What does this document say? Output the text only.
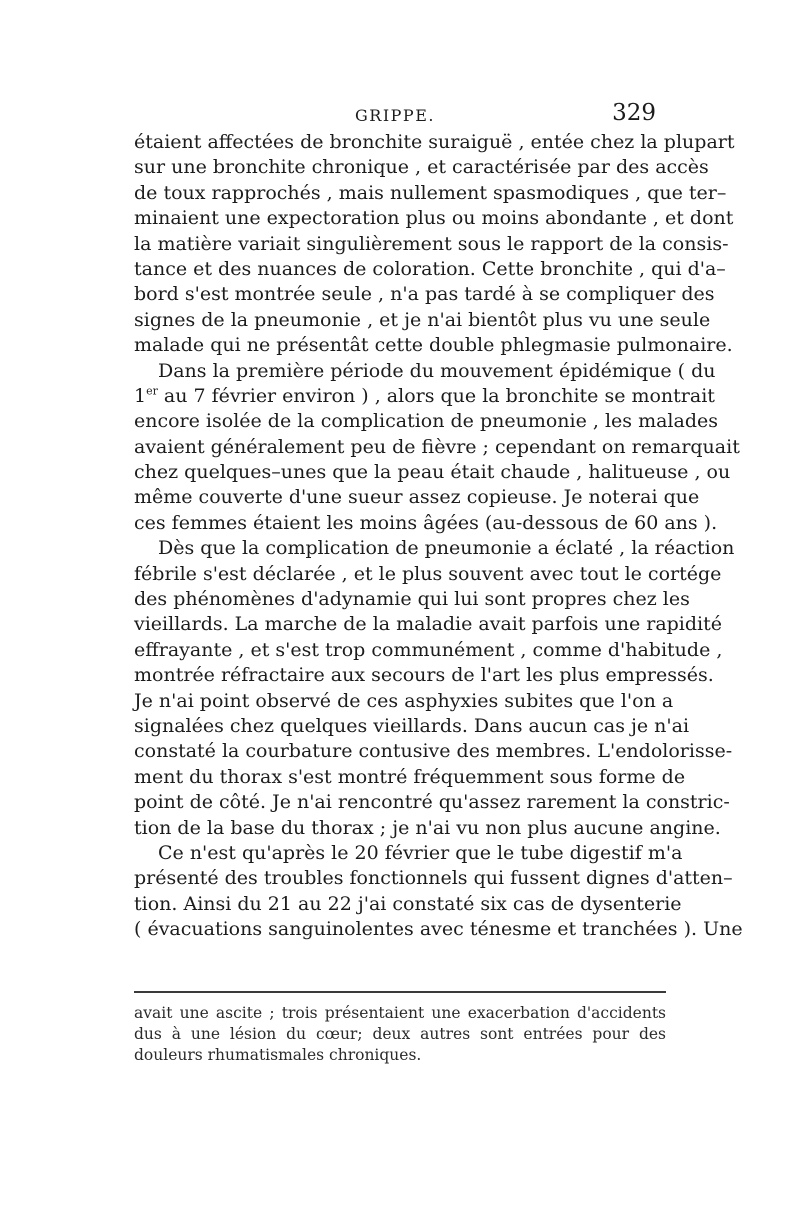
GRIPPE.	329
étaient affectées de bronchite suraiguë , entée chez la plupart
sur une bronchite chronique , et caractérisée par des accès
de toux rapprochés , mais nullement spasmodiques , que ter–
minaient une expectoration plus ou moins abondante , et dont
la matière variait singulièrement sous le rapport de la consis-
tance et des nuances de coloration. Cette bronchite , qui d'a–
bord s'est montrée seule , n'a pas tardé à se compliquer des
signes de la pneumonie , et je n'ai bientôt plus vu une seule
malade qui ne présentât cette double phlegmasie pulmonaire.
Dans la première période du mouvement épidémique ( du
1er au 7 février environ ) , alors que la bronchite se montrait
encore isolée de la complication de pneumonie , les malades
avaient généralement peu de fièvre ; cependant on remarquait
chez quelques–unes que la peau était chaude , halitueuse , ou
même couverte d'une sueur assez copieuse. Je noterai que
ces femmes étaient les moins âgées (au-dessous de 60 ans ).
Dès que la complication de pneumonie a éclaté , la réaction
fébrile s'est déclarée , et le plus souvent avec tout le cortége
des phénomènes d'adynamie qui lui sont propres chez les
vieillards. La marche de la maladie avait parfois une rapidité
effrayante , et s'est trop communément , comme d'habitude ,
montrée réfractaire aux secours de l'art les plus empressés.
Je n'ai point observé de ces asphyxies subites que l'on a
signalées chez quelques vieillards. Dans aucun cas je n'ai
constaté la courbature contusive des membres. L'endolorisse-
ment du thorax s'est montré fréquemment sous forme de
point de côté. Je n'ai rencontré qu'assez rarement la constric-
tion de la base du thorax ; je n'ai vu non plus aucune angine.
Ce n'est qu'après le 20 février que le tube digestif m'a
présenté des troubles fonctionnels qui fussent dignes d'atten–
tion. Ainsi du 21 au 22 j'ai constaté six cas de dysenterie
( évacuations sanguinolentes avec ténesme et tranchées ). Une
avait une ascite ; trois présentaient une exacerbation d'accidents
dus à une lésion du cœur; deux autres sont entrées pour des
douleurs rhumatismales chroniques.
